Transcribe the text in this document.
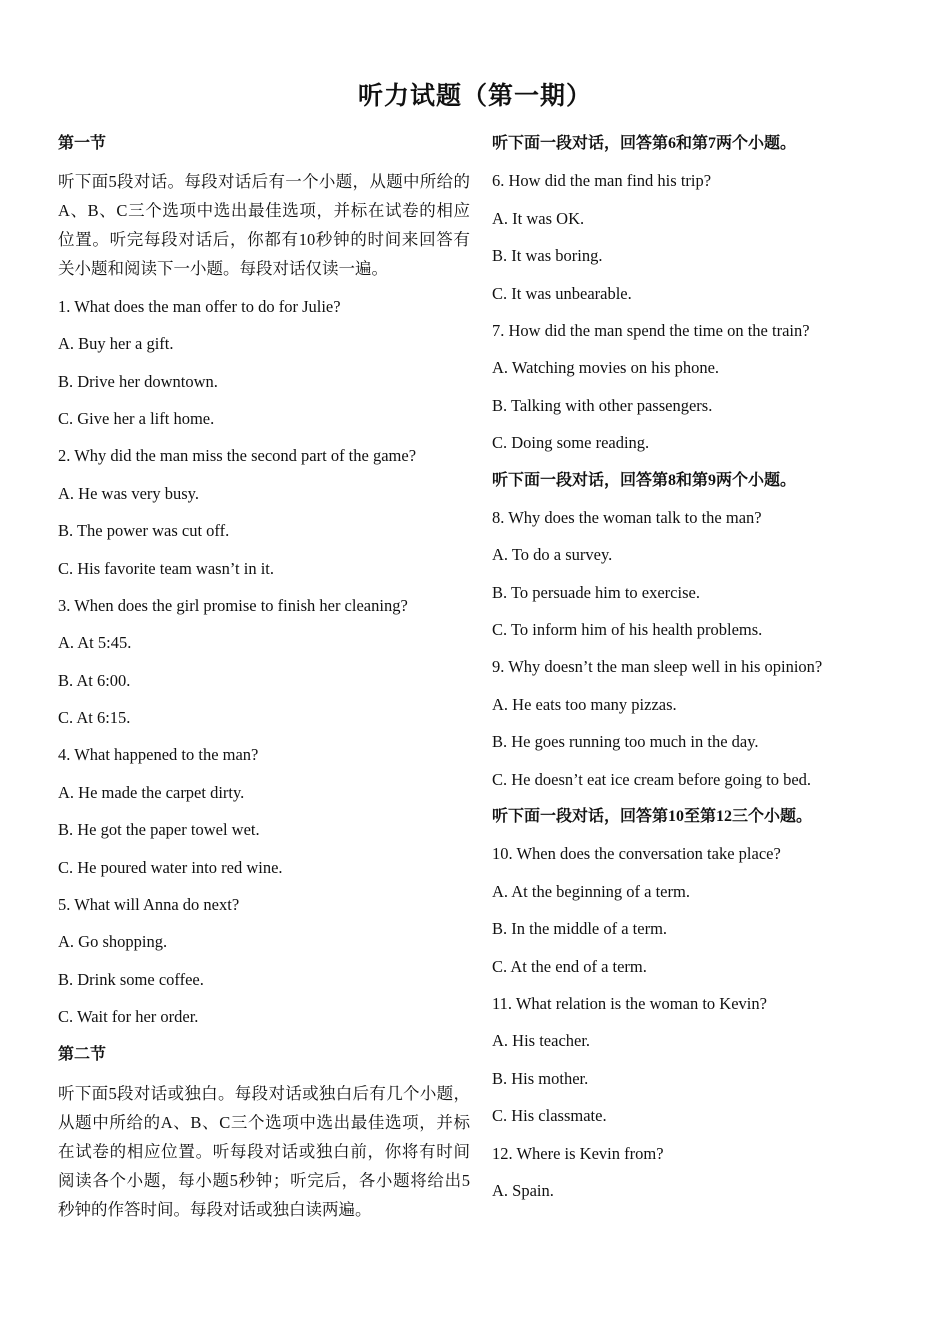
听力试题（第一期）
第一节
听下面5段对话。每段对话后有一个小题，从题中所给的A、B、C三个选项中选出最佳选项，并标在试卷的相应位置。听完每段对话后，你都有10秒钟的时间来回答有关小题和阅读下一小题。每段对话仅读一遍。
1. What does the man offer to do for Julie?
A. Buy her a gift.
B. Drive her downtown.
C. Give her a lift home.
2. Why did the man miss the second part of the game?
A. He was very busy.
B. The power was cut off.
C. His favorite team wasn’t in it.
3. When does the girl promise to finish her cleaning?
A. At 5:45.
B. At 6:00.
C. At 6:15.
4. What happened to the man?
A. He made the carpet dirty.
B. He got the paper towel wet.
C. He poured water into red wine.
5. What will Anna do next?
A. Go shopping.
B. Drink some coffee.
C. Wait for her order.
第二节
听下面5段对话或独白。每段对话或独白后有几个小题，从题中所给的A、B、C三个选项中选出最佳选项，并标在试卷的相应位置。听每段对话或独白前，你将有时间阅读各个小题，每小题5秒钟；听完后，各小题将给出5秒钟的作答时间。每段对话或独白读两遍。
听下面一段对话，回答第6和第7两个小题。
6. How did the man find his trip?
A. It was OK.
B. It was boring.
C. It was unbearable.
7. How did the man spend the time on the train?
A. Watching movies on his phone.
B. Talking with other passengers.
C. Doing some reading.
听下面一段对话，回答第8和第9两个小题。
8. Why does the woman talk to the man?
A. To do a survey.
B. To persuade him to exercise.
C. To inform him of his health problems.
9. Why doesn’t the man sleep well in his opinion?
A. He eats too many pizzas.
B. He goes running too much in the day.
C. He doesn’t eat ice cream before going to bed.
听下面一段对话，回答第10至第12三个小题。
10. When does the conversation take place?
A. At the beginning of a term.
B. In the middle of a term.
C. At the end of a term.
11. What relation is the woman to Kevin?
A. His teacher.
B. His mother.
C. His classmate.
12. Where is Kevin from?
A. Spain.
